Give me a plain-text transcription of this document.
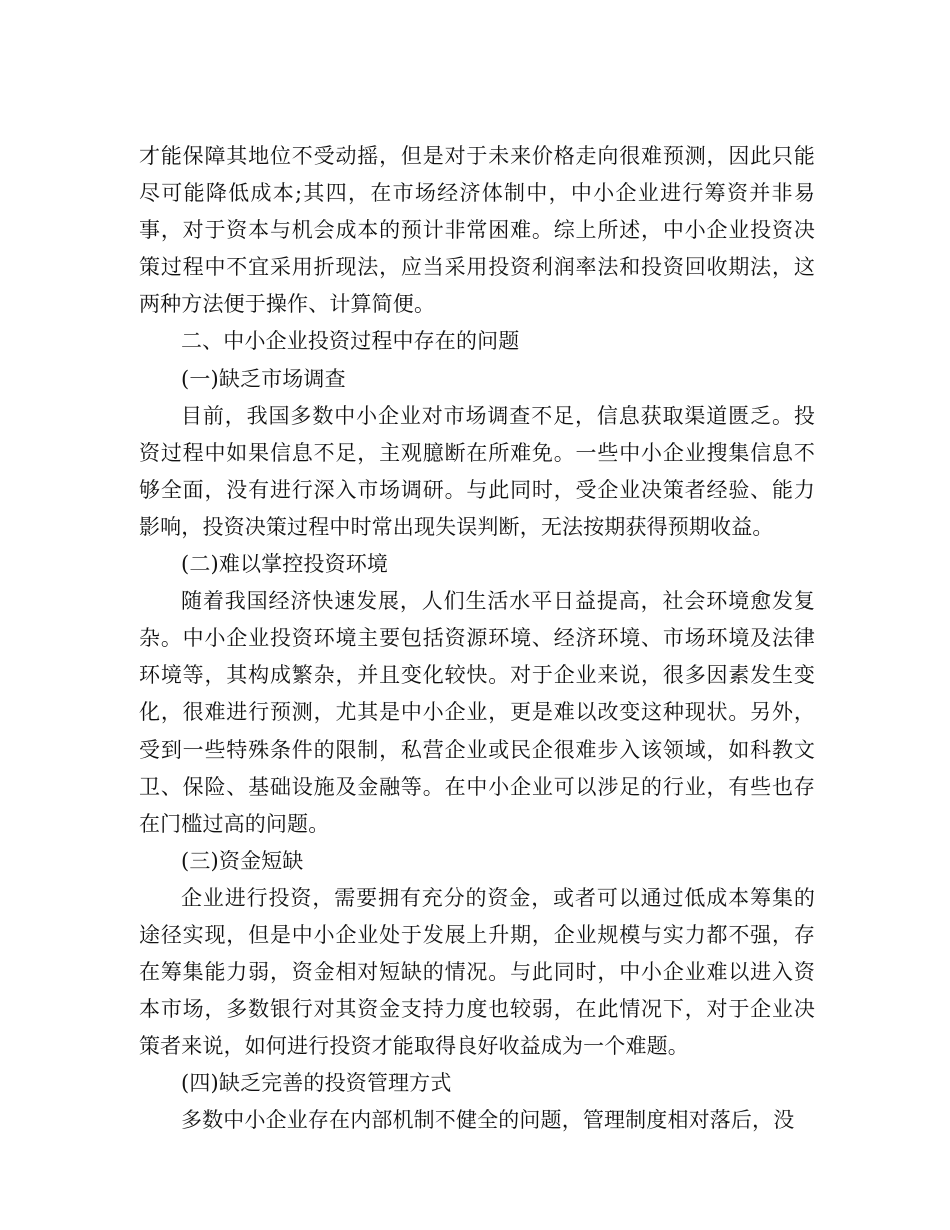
才能保障其地位不受动摇，但是对于未来价格走向很难预测，因此只能尽可能降低成本;其四，在市场经济体制中，中小企业进行筹资并非易事，对于资本与机会成本的预计非常困难。综上所述，中小企业投资决策过程中不宜采用折现法，应当采用投资利润率法和投资回收期法，这两种方法便于操作、计算简便。

二、中小企业投资过程中存在的问题

(一)缺乏市场调查

目前，我国多数中小企业对市场调查不足，信息获取渠道匮乏。投资过程中如果信息不足，主观臆断在所难免。一些中小企业搜集信息不够全面，没有进行深入市场调研。与此同时，受企业决策者经验、能力影响，投资决策过程中时常出现失误判断，无法按期获得预期收益。

(二)难以掌控投资环境

随着我国经济快速发展，人们生活水平日益提高，社会环境愈发复杂。中小企业投资环境主要包括资源环境、经济环境、市场环境及法律环境等，其构成繁杂，并且变化较快。对于企业来说，很多因素发生变化，很难进行预测，尤其是中小企业，更是难以改变这种现状。另外，受到一些特殊条件的限制，私营企业或民企很难步入该领域，如科教文卫、保险、基础设施及金融等。在中小企业可以涉足的行业，有些也存在门槛过高的问题。

(三)资金短缺

企业进行投资，需要拥有充分的资金，或者可以通过低成本筹集的途径实现，但是中小企业处于发展上升期，企业规模与实力都不强，存在筹集能力弱，资金相对短缺的情况。与此同时，中小企业难以进入资本市场，多数银行对其资金支持力度也较弱，在此情况下，对于企业决策者来说，如何进行投资才能取得良好收益成为一个难题。

(四)缺乏完善的投资管理方式

多数中小企业存在内部机制不健全的问题，管理制度相对落后，没
